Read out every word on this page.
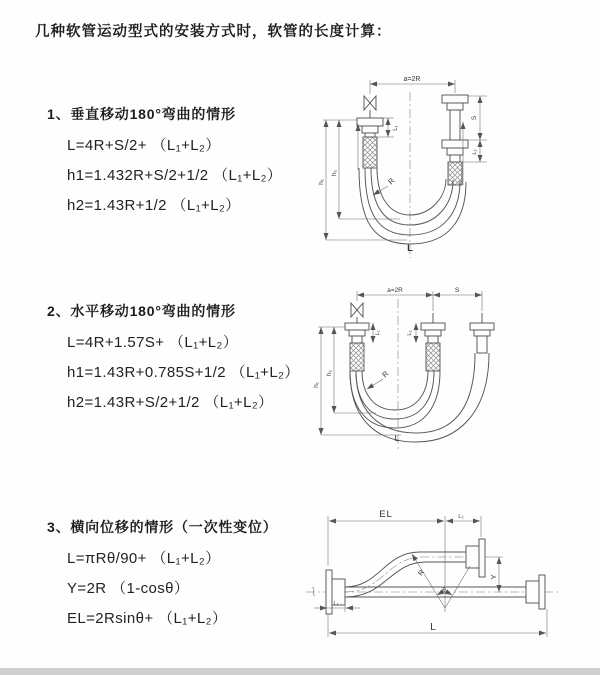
几种软管运动型式的安装方式时，软管的长度计算：
1、垂直移动180°弯曲的情形
L=4R+S/2+ （L₁+L₂）
h1=1.432R+S/2+1/2 （L₁+L₂）
h2=1.43R+1/2 （L₁+L₂）
2、水平移动180°弯曲的情形
L=4R+1.57S+ （L₁+L₂）
h1=1.43R+0.785S+1/2 （L₁+L₂）
h2=1.43R+S/2+1/2 （L₁+L₂）
3、横向位移的情形（一次性变位）
L=πRθ/90+ （L₁+L₂）
Y=2R （1-cosθ）
EL=2Rsinθ+ （L₁+L₂）
a=2R
h₁
h₂
L₁
S
L₂
R
L
a=2R	S
h₁
h₂
L₁	L₂
R
L
EL	L₂
Y
R
θ
L₁
L
